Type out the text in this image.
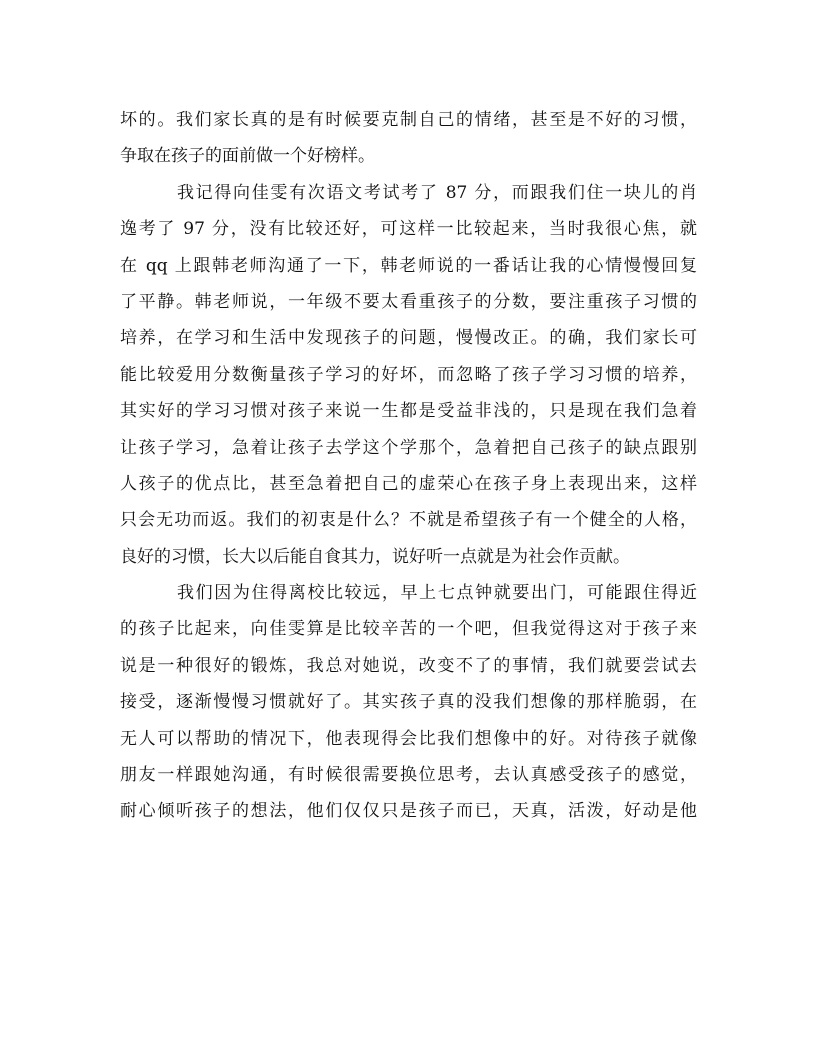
坏的。我们家长真的是有时候要克制自己的情绪，甚至是不好的习惯，
争取在孩子的面前做一个好榜样。
我记得向佳雯有次语文考试考了 87 分，而跟我们住一块儿的肖
逸考了 97 分，没有比较还好，可这样一比较起来，当时我很心焦，就
在 qq 上跟韩老师沟通了一下，韩老师说的一番话让我的心情慢慢回复
了平静。韩老师说，一年级不要太看重孩子的分数，要注重孩子习惯的
培养，在学习和生活中发现孩子的问题，慢慢改正。的确，我们家长可
能比较爱用分数衡量孩子学习的好坏，而忽略了孩子学习习惯的培养，
其实好的学习习惯对孩子来说一生都是受益非浅的，只是现在我们急着
让孩子学习，急着让孩子去学这个学那个，急着把自己孩子的缺点跟别
人孩子的优点比，甚至急着把自己的虚荣心在孩子身上表现出来，这样
只会无功而返。我们的初衷是什么？不就是希望孩子有一个健全的人格，
良好的习惯，长大以后能自食其力，说好听一点就是为社会作贡献。
我们因为住得离校比较远，早上七点钟就要出门，可能跟住得近
的孩子比起来，向佳雯算是比较辛苦的一个吧，但我觉得这对于孩子来
说是一种很好的锻炼，我总对她说，改变不了的事情，我们就要尝试去
接受，逐渐慢慢习惯就好了。其实孩子真的没我们想像的那样脆弱，在
无人可以帮助的情况下，他表现得会比我们想像中的好。对待孩子就像
朋友一样跟她沟通，有时候很需要换位思考，去认真感受孩子的感觉，
耐心倾听孩子的想法，他们仅仅只是孩子而已，天真，活泼，好动是他
